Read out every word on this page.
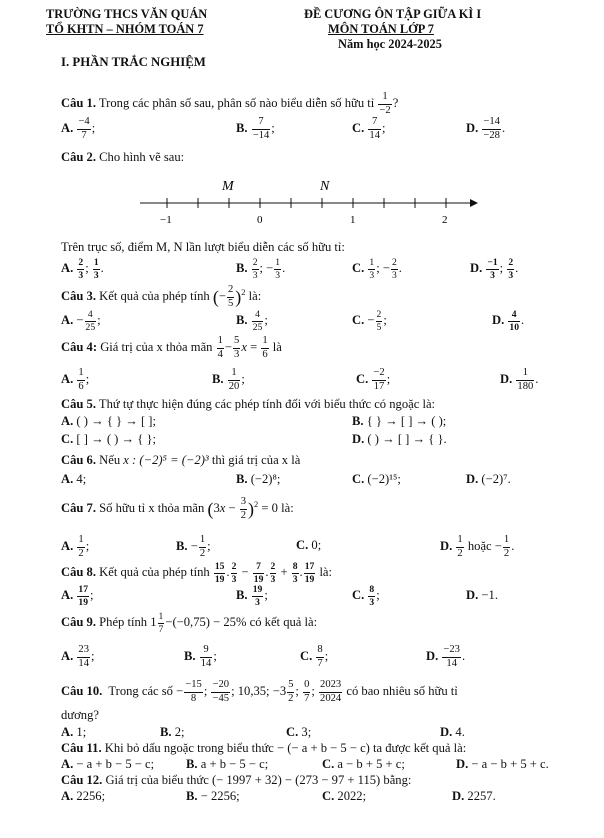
TRƯỜNG THCS VĂN QUÁN
TỔ KHTN – NHÓM TOÁN 7
ĐỀ CƯƠNG ÔN TẬP GIỮA KÌ I
MÔN TOÁN LỚP 7
Năm học 2024-2025
I. PHẦN TRẮC NGHIỆM
Câu 1. Trong các phân số sau, phân số nào biểu diễn số hữu tỉ $\frac{1}{-2}$ ?
A. $\frac{-4}{7}$ ;	B. $\frac{7}{-14}$ ;	C. $\frac{7}{14}$ ;	D. $\frac{-14}{-28}$ .
Câu 2. Cho hình vẽ sau:
M	N
−1	0	1	2
Trên trục số, điểm M, N lần lượt biểu diễn các số hữu tỉ:
A. $\frac{2}{3}$ ; $\frac{1}{3}$ .	B. $\frac{2}{3}$ ; − $\frac{1}{3}$ .	C. $\frac{1}{3}$ ; − $\frac{2}{3}$ .	D. $\frac{-1}{3}$ ; $\frac{2}{3}$ .
Câu 3. Kết quả của phép tính (− $\frac{2}{5} )^2$ là:
A. − $\frac{4}{25}$ ;	B. $\frac{4}{25}$ ;	C. − $\frac{2}{5}$ ;	D. $\frac{4}{10}$ .
Câu 4: Giá trị của x thỏa mãn $\frac{1}{4} - \frac{5}{3}$ $x = \frac{1}{6}$ là
A. $\frac{1}{6}$ ;	B. $\frac{1}{20}$ ;	C. $\frac{-2}{17}$ ;	D. $\frac{1}{180}$ .
Câu 5. Thứ tự thực hiện đúng các phép tính đối với biểu thức có ngoặc là:
A. ( ) → { } → [ ];	B. { } → [ ] → ( );
C. [ ] → ( ) → { };	D. ( ) → [ ] → { }.
Câu 6. Nếu x : (−2)⁵ = (−2)³ thì giá trị của x là
A. 4;	B. (−2)⁸;	C. (−2)¹⁵;	D. (−2)⁷.
Câu 7. Số hữu tỉ x thỏa mãn $(3x - \frac{3}{2} )^2 = 0$ là:
A. $\frac{1}{2}$ ;	B. − $\frac{1}{2}$ ;	C. 0;	D. $\frac{1}{2}$ hoặc − $\frac{1}{2}$ .
Câu 8. Kết quả của phép tính $\frac{15}{19}$ . $\frac{2}{3} - \frac{7}{19}$ . $\frac{2}{3} + \frac{8}{3}$ . $\frac{17}{19}$ là:
A. $\frac{17}{19}$ ;	B. $\frac{19}{3}$ ;	C. $\frac{8}{3}$ ;	D. −1.
Câu 9. Phép tính $1 \frac{1}{7} -(-0,75) - 25\%$ có kết quả là:
A. $\frac{23}{14}$ ;	B. $\frac{9}{14}$ ;	C. $\frac{8}{7}$ ;	D. $\frac{-23}{14}$ .
Câu 10. Trong các số − $\frac{-15}{8}$ ; $\frac{-20}{-45}$ ; 10,35; $-3 \frac{5}{2}$ ; $\frac{0}{7}$ ; $\frac{2023}{2024}$ có bao nhiêu số hữu tỉ
dương?
A. 1;	B. 2;	C. 3;	D. 4.
Câu 11. Khi bỏ dấu ngoặc trong biểu thức − (− a + b − 5 − c) ta được kết quả là:
A. − a + b − 5 − c;	B. a + b − 5 − c;	C. a − b + 5 + c;	D. − a − b + 5 + c.
Câu 12. Giá trị của biểu thức (− 1997 + 32) − (273 − 97 + 115) bằng:
A. 2256;	B. − 2256;	C. 2022;	D. 2257.
